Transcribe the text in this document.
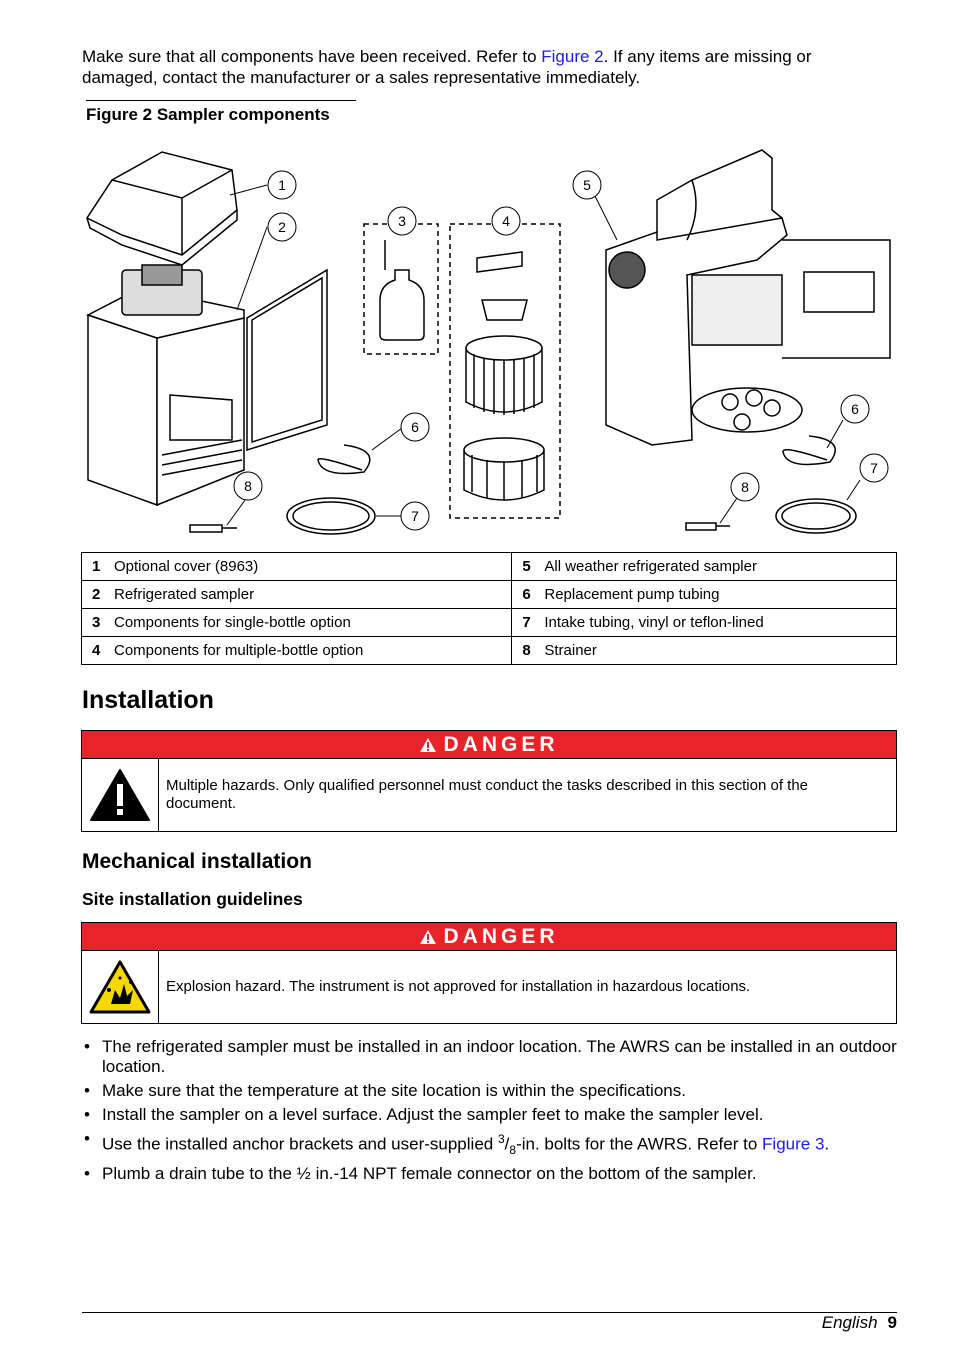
Make sure that all components have been received. Refer to Figure 2. If any items are missing or damaged, contact the manufacturer or a sales representative immediately.
Figure 2 Sampler components
1
2	3	4
5
6
7
8
6
7
8
1 Optional cover (8963)	5 All weather refrigerated sampler
2 Refrigerated sampler	6 Replacement pump tubing
3 Components for single-bottle option	7 Intake tubing, vinyl or teflon-lined
4 Components for multiple-bottle option	8 Strainer
Installation
DANGER
Multiple hazards. Only qualified personnel must conduct the tasks described in this section of the document.
Mechanical installation
Site installation guidelines
DANGER
Explosion hazard. The instrument is not approved for installation in hazardous locations.
• The refrigerated sampler must be installed in an indoor location. The AWRS can be installed in an outdoor location.
• Make sure that the temperature at the site location is within the specifications.
• Install the sampler on a level surface. Adjust the sampler feet to make the sampler level.
• Use the installed anchor brackets and user-supplied $^3/_8-in$. bolts for the AWRS. Refer to Figure 3.
• Plumb a drain tube to the ½ in.-14 NPT female connector on the bottom of the sampler.
English 9
